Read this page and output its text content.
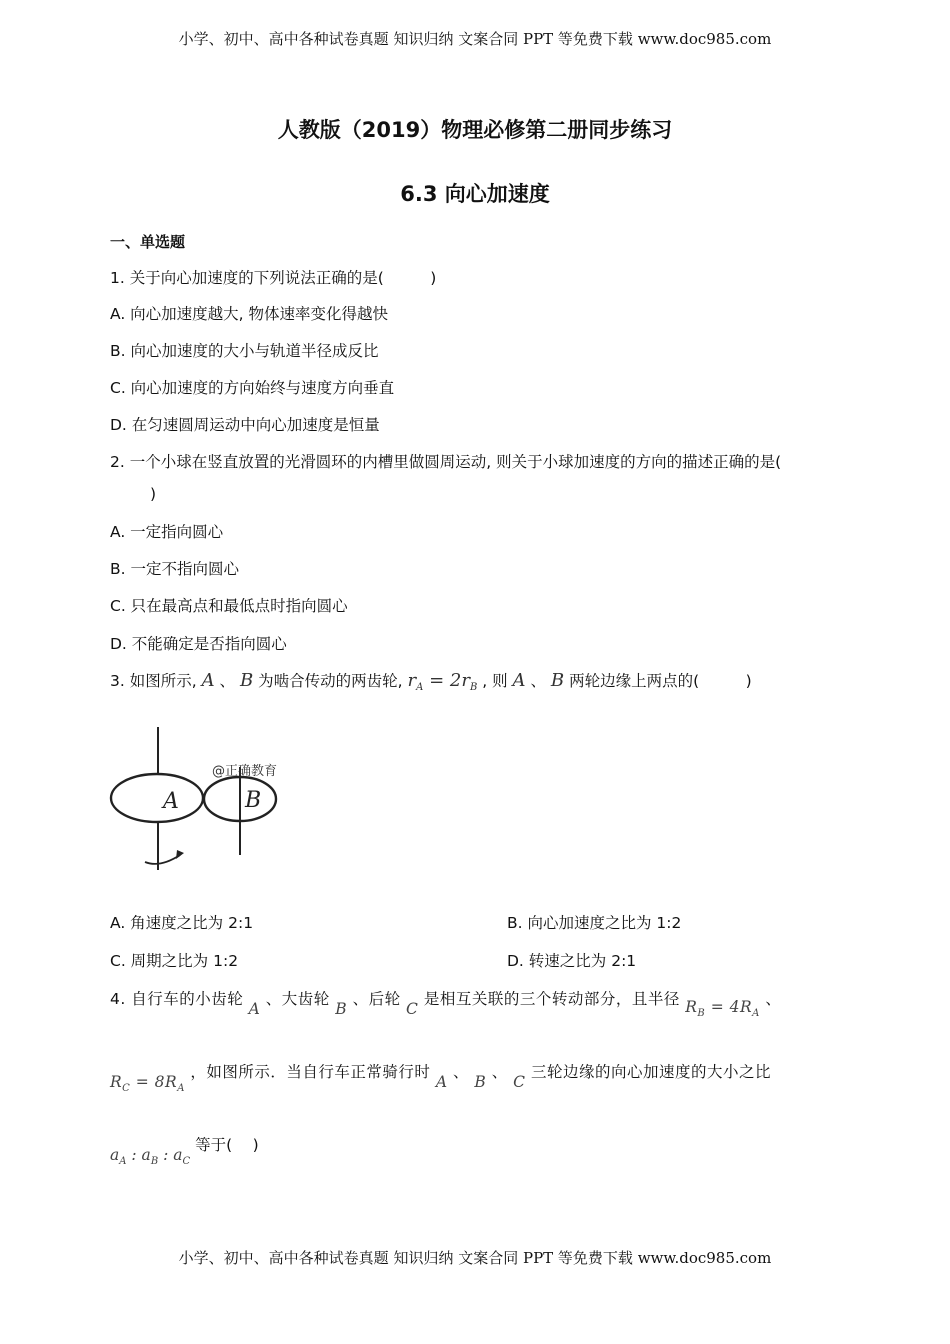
小学、初中、高中各种试卷真题 知识归纳 文案合同 PPT 等免费下载 www.doc985.com
人教版（2019）物理必修第二册同步练习
6.3 向心加速度
一、单选题
1. 关于向心加速度的下列说法正确的是(　　　)
A. 向心加速度越大, 物体速率变化得越快
B. 向心加速度的大小与轨道半径成反比
C. 向心加速度的方向始终与速度方向垂直
D. 在匀速圆周运动中向心加速度是恒量
2. 一个小球在竖直放置的光滑圆环的内槽里做圆周运动, 则关于小球加速度的方向的描述正确的是(
)
A. 一定指向圆心
B. 一定不指向圆心
C. 只在最高点和最低点时指向圆心
D. 不能确定是否指向圆心
3. 如图所示, A 、 B 为啮合传动的两齿轮, $r_A = 2r_B$ , 则 A 、 B 两轮边缘上两点的(　　　)
@正确教育
A	B
A. 角速度之比为 2:1	B. 向心加速度之比为 1:2
C. 周期之比为 1:2	D. 转速之比为 2:1
4. 自行车的小齿轮 A 、大齿轮 B 、后轮 C 是相互关联的三个转动部分，且半径 $R_B = 4R_A$ 、
$R_C = 8R_A$ ，如图所示．当自行车正常骑行时 A 、 B 、 C 三轮边缘的向心加速度的大小之比
$a_A$ : $a_B$ : $a_C$ 等于(　 )
小学、初中、高中各种试卷真题 知识归纳 文案合同 PPT 等免费下载 www.doc985.com
